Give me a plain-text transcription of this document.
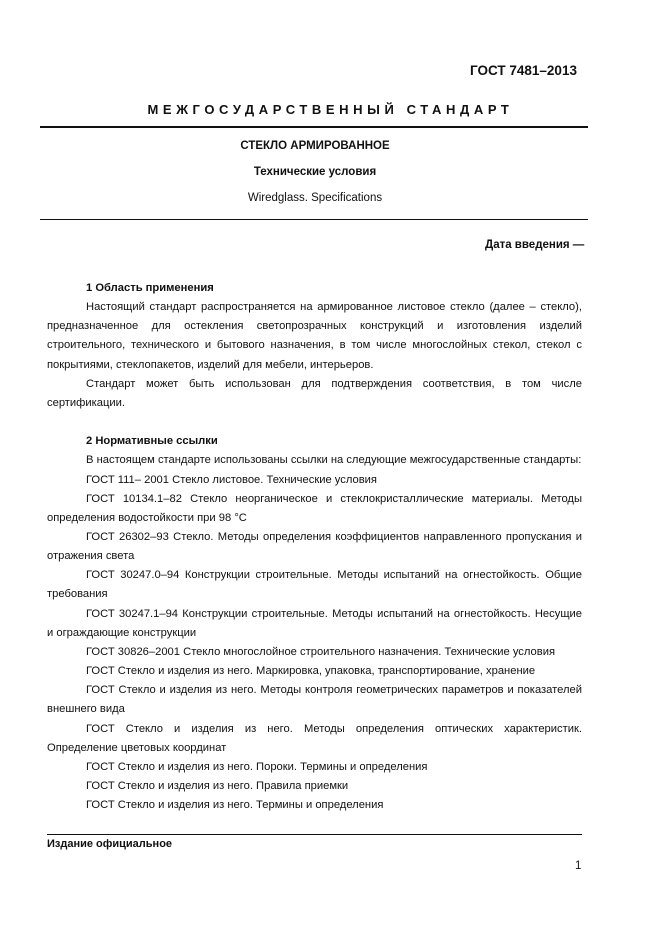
ГОСТ 7481–2013
МЕЖГОСУДАРСТВЕННЫЙ СТАНДАРТ
СТЕКЛО АРМИРОВАННОЕ
Технические условия
Wiredglass. Specifications
Дата введения —
1 Область применения

Настоящий стандарт распространяется на армированное листовое стекло (далее – стекло), предназначенное для остекления светопрозрачных конструкций и изготовления изделий строительного, технического и бытового назначения, в том числе многослойных стекол, стекол с покрытиями, стеклопакетов, изделий для мебели, интерьеров.

Стандарт может быть использован для подтверждения соответствия, в том числе сертификации.

2 Нормативные ссылки

В настоящем стандарте использованы ссылки на следующие межгосударственные стандарты:

ГОСТ 111– 2001 Стекло листовое. Технические условия

ГОСТ 10134.1–82 Стекло неорганическое и стеклокристаллические материалы. Методы определения водостойкости при 98 °С

ГОСТ 26302–93 Стекло. Методы определения коэффициентов направленного пропускания и отражения света

ГОСТ 30247.0–94 Конструкции строительные. Методы испытаний на огнестойкость. Общие требования

ГОСТ 30247.1–94 Конструкции строительные. Методы испытаний на огнестойкость. Несущие и ограждающие конструкции

ГОСТ 30826–2001 Стекло многослойное строительного назначения. Технические условия

ГОСТ Стекло и изделия из него. Маркировка, упаковка, транспортирование, хранение

ГОСТ Стекло и изделия из него. Методы контроля геометрических параметров и показателей внешнего вида

ГОСТ Стекло и изделия из него. Методы определения оптических характеристик. Определение цветовых координат

ГОСТ Стекло и изделия из него. Пороки. Термины и определения

ГОСТ Стекло и изделия из него. Правила приемки

ГОСТ Стекло и изделия из него. Термины и определения

Издание официальное
1
